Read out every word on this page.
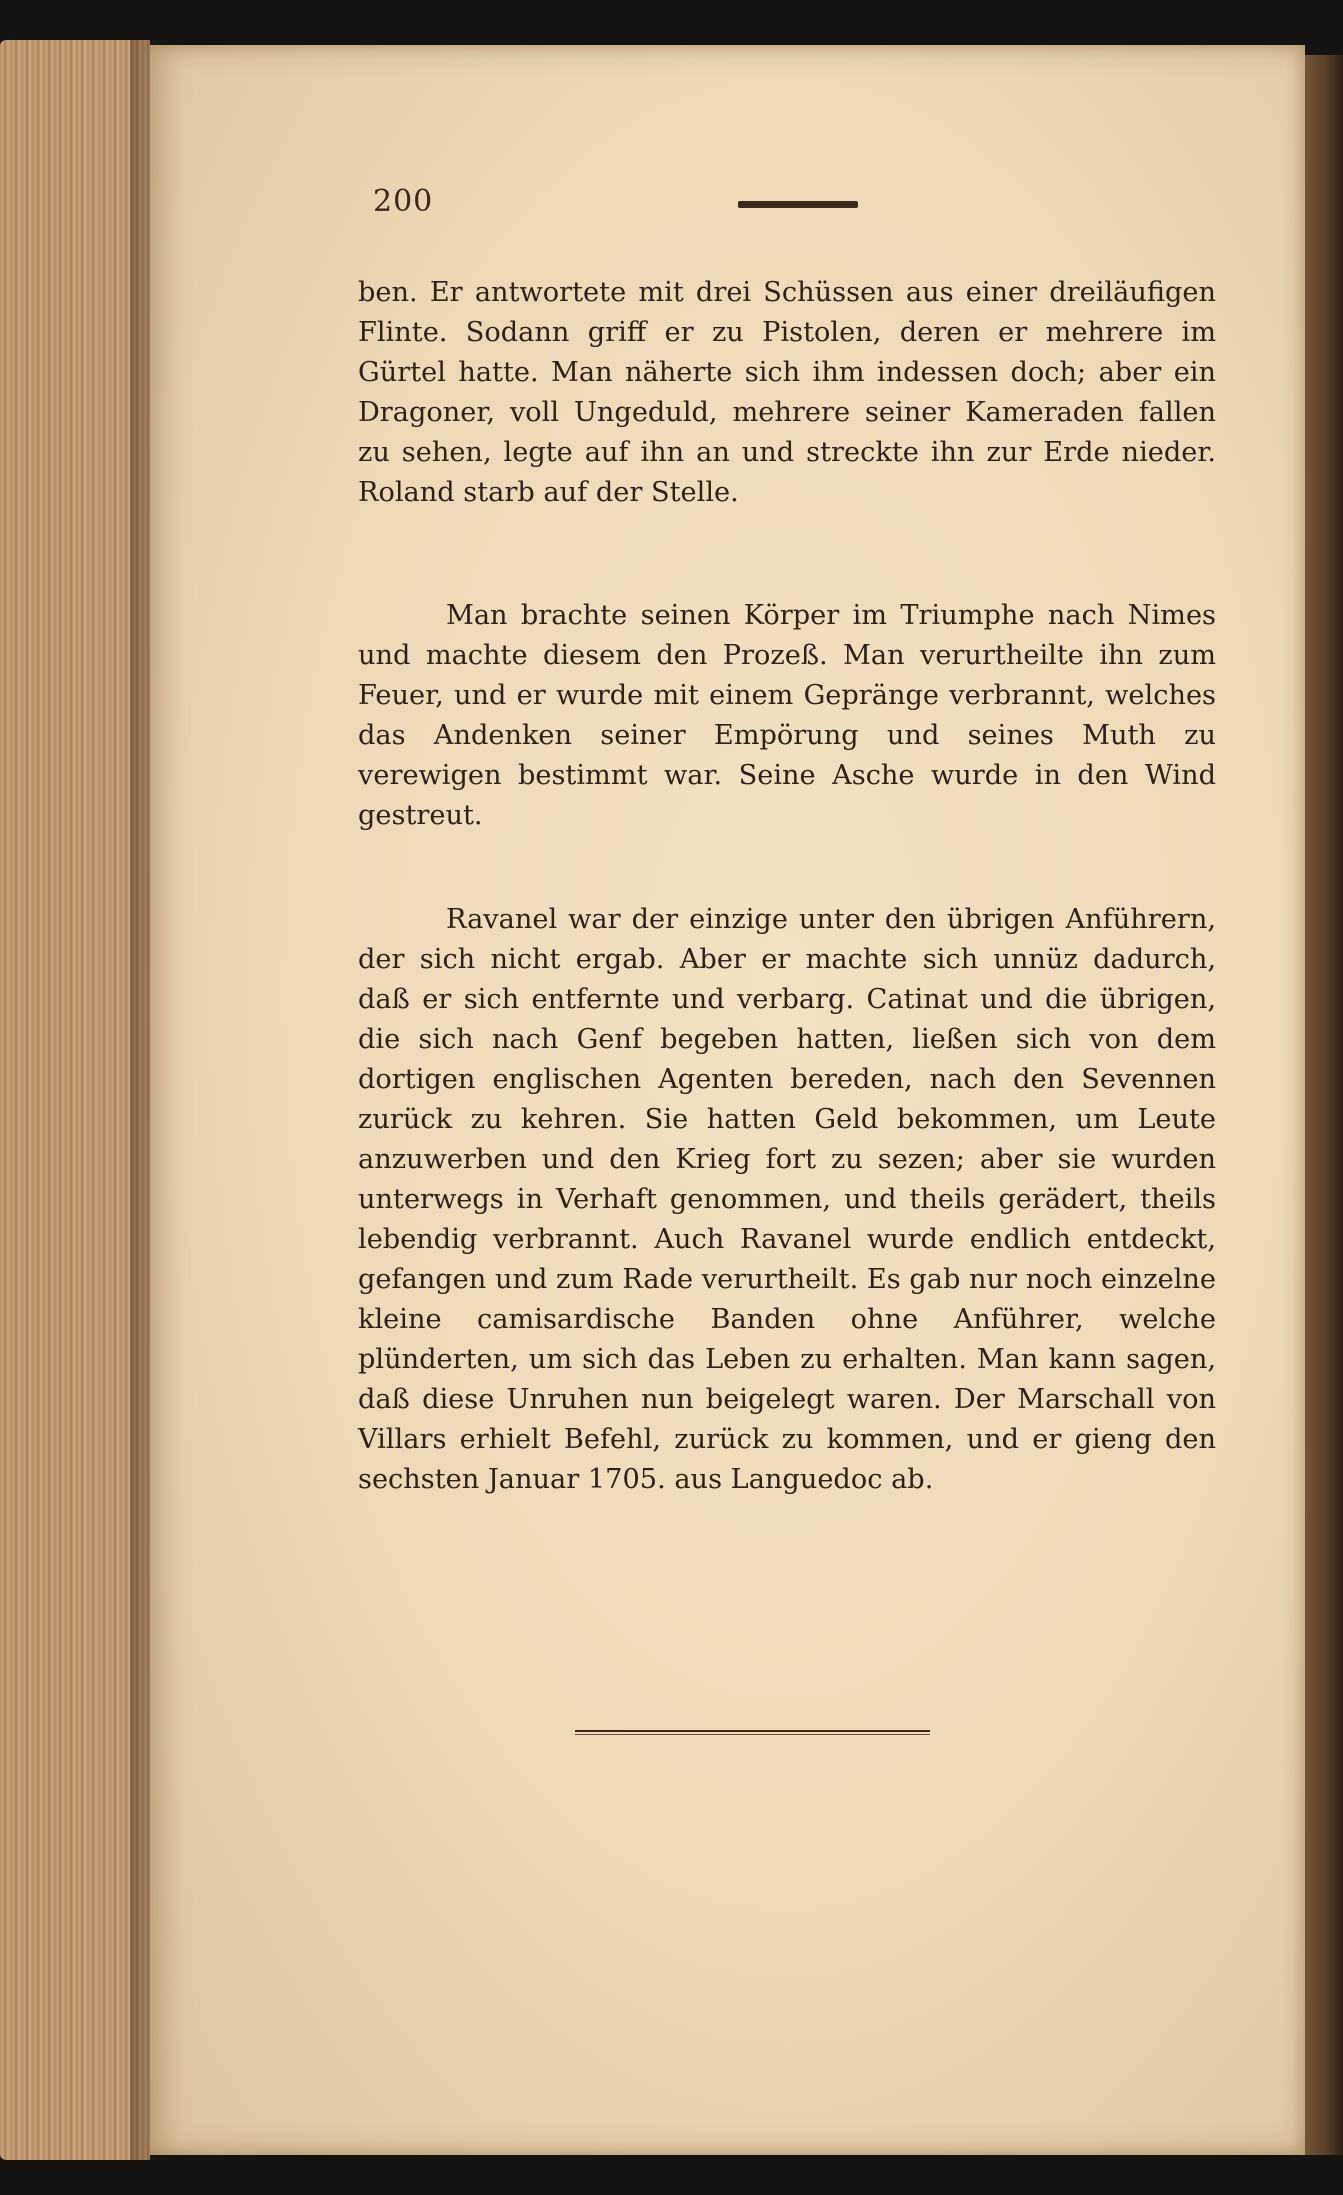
200

ben. Er antwortete mit drei Schüssen aus einer dreiläufigen Flinte. Sodann griff er zu Pistolen, deren er mehrere im Gürtel hatte. Man näherte sich ihm indessen doch; aber ein Dragoner, voll Ungeduld, mehrere seiner Kameraden fallen zu sehen, legte auf ihn an und streckte ihn zur Erde nieder. Roland starb auf der Stelle.

Man brachte seinen Körper im Triumphe nach Nimes und machte diesem den Prozeß. Man verurtheilte ihn zum Feuer, und er wurde mit einem Gepränge verbrannt, welches das Andenken seiner Empörung und seines Muth zu verewigen bestimmt war. Seine Asche wurde in den Wind gestreut.

Ravanel war der einzige unter den übrigen Anführern, der sich nicht ergab. Aber er machte sich unnüz dadurch, daß er sich entfernte und verbarg. Catinat und die übrigen, die sich nach Genf begeben hatten, ließen sich von dem dortigen englischen Agenten bereden, nach den Sevennen zurück zu kehren. Sie hatten Geld bekommen, um Leute anzuwerben und den Krieg fort zu sezen; aber sie wurden unterwegs in Verhaft genommen, und theils gerädert, theils lebendig verbrannt. Auch Ravanel wurde endlich entdeckt, gefangen und zum Rade verurtheilt. Es gab nur noch einzelne kleine camisardische Banden ohne Anführer, welche plünderten, um sich das Leben zu erhalten. Man kann sagen, daß diese Unruhen nun beigelegt waren. Der Marschall von Villars erhielt Befehl, zurück zu kommen, und er gieng den sechsten Januar 1705. aus Languedoc ab.
